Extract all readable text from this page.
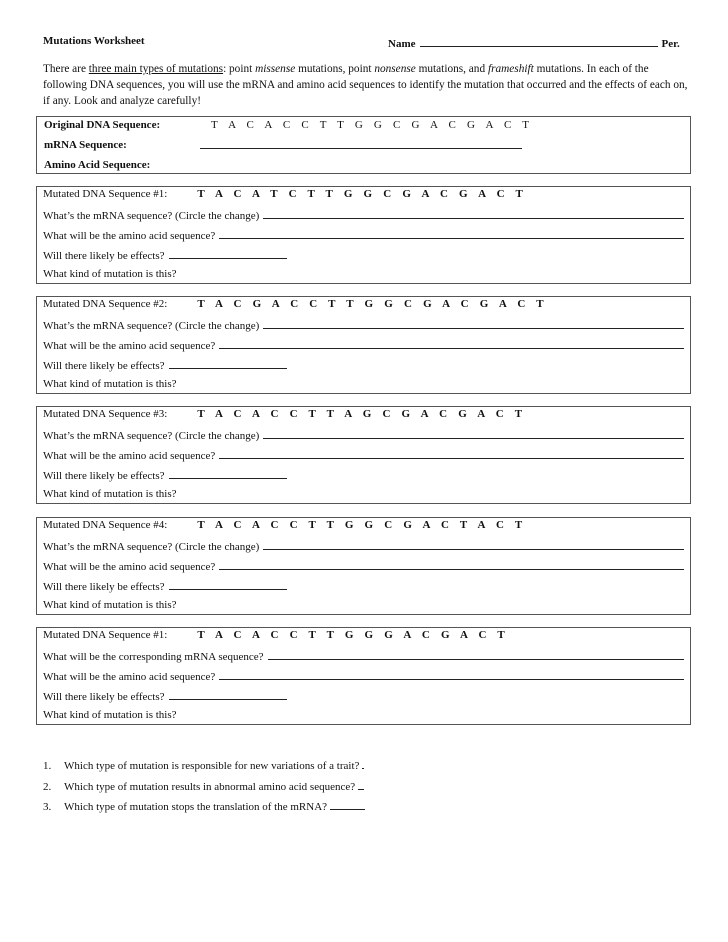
Mutations Worksheet	Name	Per.
There are three main types of mutations: point missense mutations, point nonsense mutations, and frameshift mutations. In each of the following DNA sequences, you will use the mRNA and amino acid sequences to identify the mutation that occurred and the effects of each on, if any. Look and analyze carefully!
Original DNA Sequence:	T A C A C C T T G G C G A C G A C T
mRNA Sequence:
Amino Acid Sequence:
Mutated DNA Sequence #1:	T A C A T C T T G G C G A C G A C T
What’s the mRNA sequence? (Circle the change)
What will be the amino acid sequence?
Will there likely be effects?
What kind of mutation is this?
Mutated DNA Sequence #2:	T A C G A C C T T G G C G A C G A C T
What’s the mRNA sequence? (Circle the change)
What will be the amino acid sequence?
Will there likely be effects?
What kind of mutation is this?
Mutated DNA Sequence #3:	T A C A C C T T A G C G A C G A C T
What’s the mRNA sequence? (Circle the change)
What will be the amino acid sequence?
Will there likely be effects?
What kind of mutation is this?
Mutated DNA Sequence #4:	T A C A C C T T G G C G A C T A C T
What’s the mRNA sequence? (Circle the change)
What will be the amino acid sequence?
Will there likely be effects?
What kind of mutation is this?
Mutated DNA Sequence #1:	T A C A C C T T G G G A C G A C T
What will be the corresponding mRNA sequence?
What will be the amino acid sequence?
Will there likely be effects?
What kind of mutation is this?
1.	Which type of mutation is responsible for new variations of a trait?
2.	Which type of mutation results in abnormal amino acid sequence?
3.	Which type of mutation stops the translation of the mRNA?
